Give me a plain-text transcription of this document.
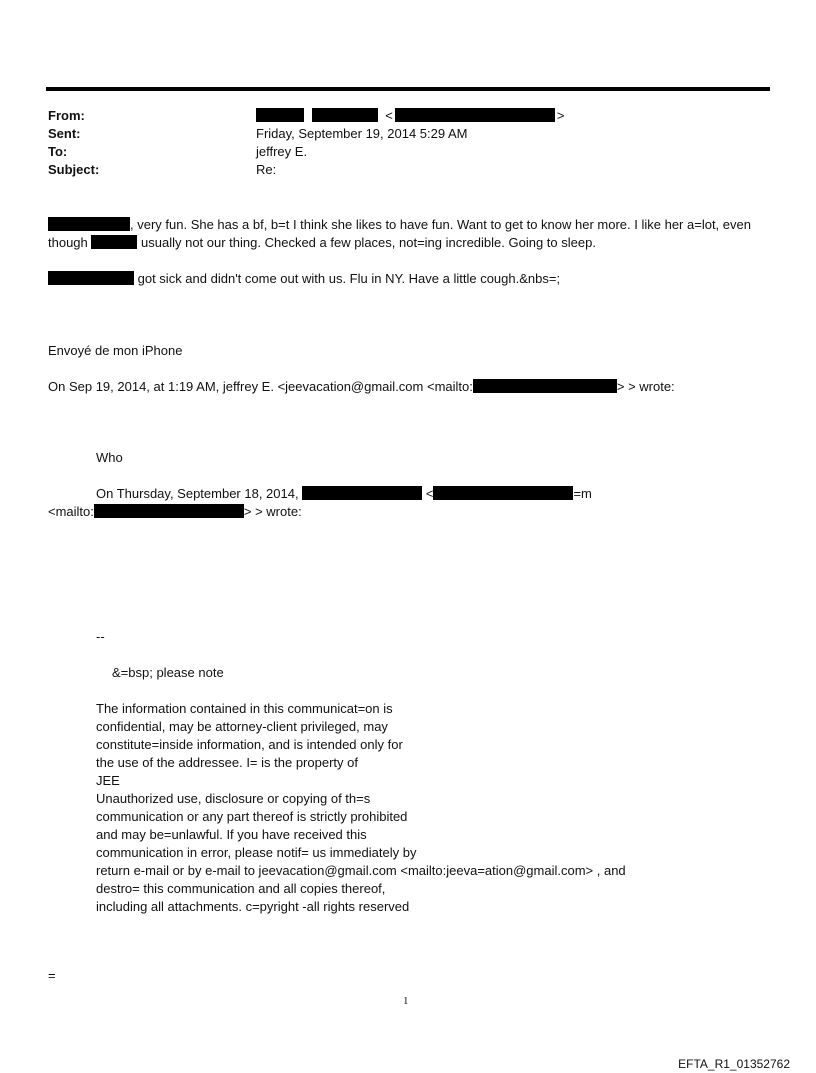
From:	<	>
Sent:	Friday, September 19, 2014 5:29 AM
To:	jeffrey E.
Subject:	Re:
, very fun. She has a bf, b=t I think she likes to have fun. Want to get to know her more. I like her a=lot, even
though	usually not our thing. Checked a few places, not=ing incredible. Going to sleep.
got sick and didn't come out with us. Flu in NY. Have a little cough.&nbs=;
Envoyé de mon iPhone
On Sep 19, 2014, at 1:19 AM, jeffrey E. <jeevacation@gmail.com <mailto:	> > wrote:
Who
On Thursday, September 18, 2014,	<	=m
<mailto:	> > wrote:
--
&=bsp; please note
The information contained in this communicat=on is
confidential, may be attorney-client privileged, may
constitute=inside information, and is intended only for
the use of the addressee. I= is the property of
JEE
Unauthorized use, disclosure or copying of th=s
communication or any part thereof is strictly prohibited
and may be=unlawful. If you have received this
communication in error, please notif= us immediately by
return e-mail or by e-mail to jeevacation@gmail.com <mailto:jeeva=ation@gmail.com> , and
destro= this communication and all copies thereof,
including all attachments. c=pyright -all rights reserved
=
1
EFTA_R1_01352762
